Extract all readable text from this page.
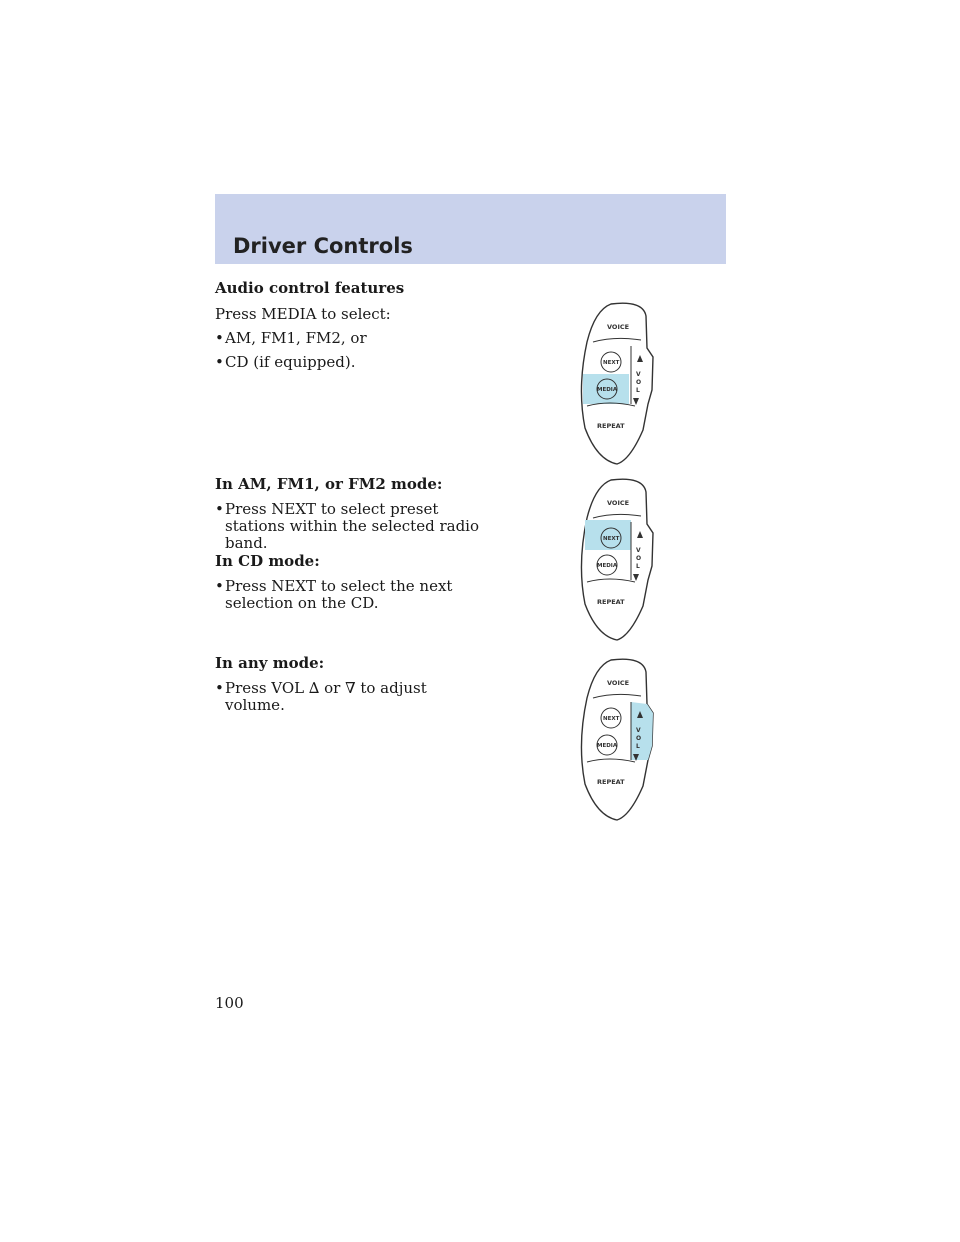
Driver Controls
Audio control features
Press MEDIA to select:
• AM, FM1, FM2, or
• CD (if equipped).
In AM, FM1, or FM2 mode:
• Press NEXT to select preset stations within the selected radio band.
In CD mode:
• Press NEXT to select the next selection on the CD.
In any mode:
• Press VOL ∆ or ∇ to adjust volume.
VOICE
NEXT
MEDIA
REPEAT
V
O
L
VOICE
NEXT
MEDIA
REPEAT
V
O
L
VOICE
NEXT
MEDIA
REPEAT
V
O
L
100
